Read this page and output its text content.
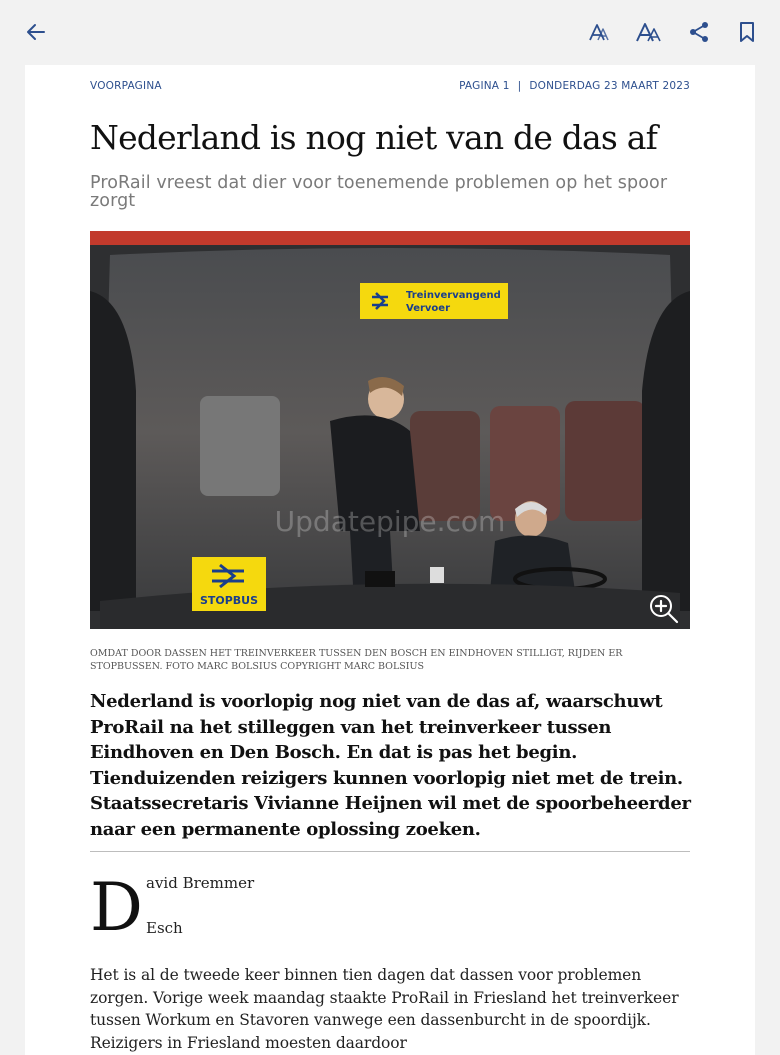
VOORPAGINA	PAGINA 1 | DONDERDAG 23 MAART 2023
Nederland is nog niet van de das af
ProRail vreest dat dier voor toenemende problemen op het spoor zorgt
Treinvervangend
Vervoer
STOPBUS
Updatepipe.com
OMDAT DOOR DASSEN HET TREINVERKEER TUSSEN DEN BOSCH EN EINDHOVEN STILLIGT, RIJDEN ER STOPBUSSEN. FOTO MARC BOLSIUS COPYRIGHT MARC BOLSIUS
Nederland is voorlopig nog niet van de das af, waarschuwt ProRail na het stilleggen van het treinverkeer tussen Eindhoven en Den Bosch. En dat is pas het begin. Tienduizenden reizigers kunnen voorlopig niet met de trein. Staatssecretaris Vivianne Heijnen wil met de spoorbeheerder naar een permanente oplossing zoeken.
D avid Bremmer
Esch
Het is al de tweede keer binnen tien dagen dat dassen voor problemen zorgen. Vorige week maandag staakte ProRail in Friesland het treinverkeer tussen Workum en Stavoren vanwege een dassenburcht in de spoordijk. Reizigers in Friesland moesten daardoor
